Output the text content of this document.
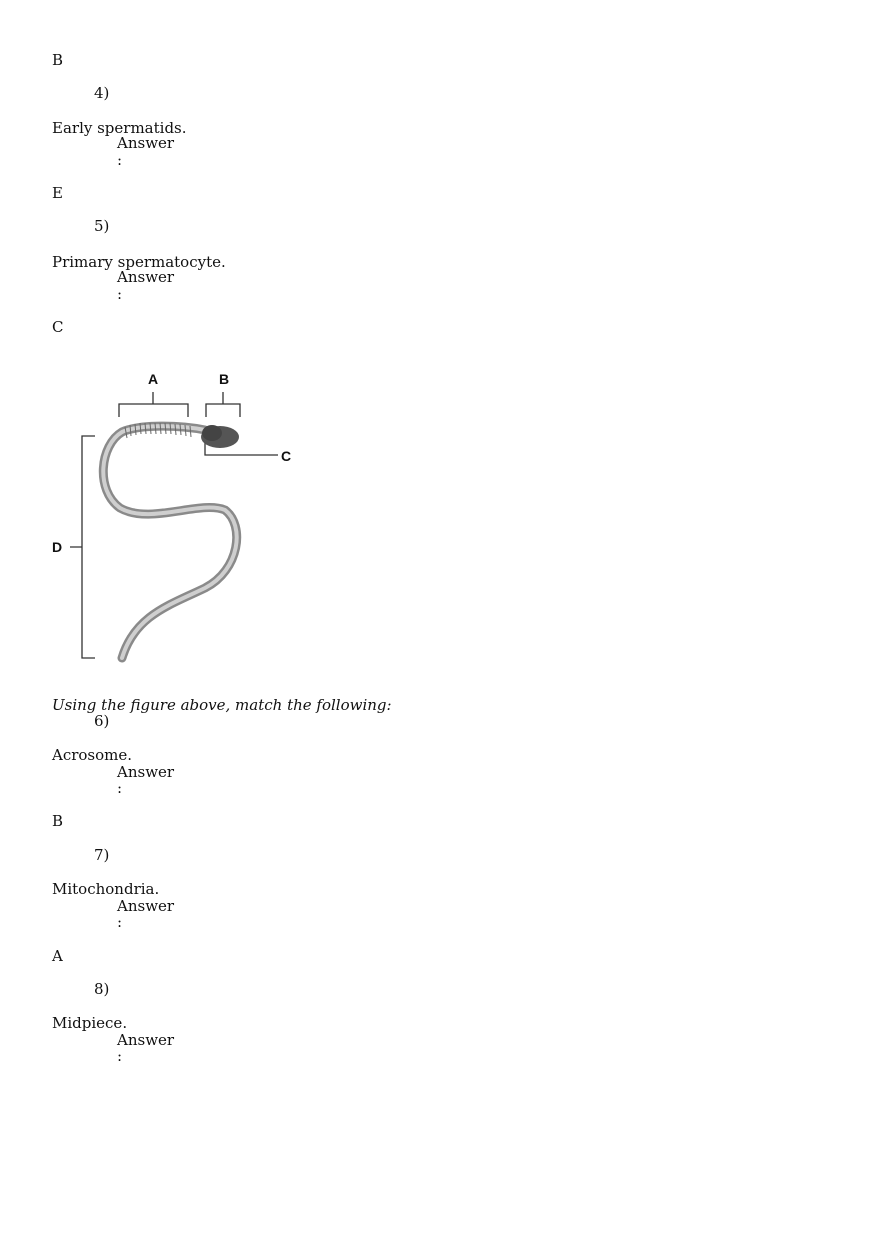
B
4)
Early spermatids.
Answer
:
E
5)
Primary spermatocyte.
Answer
:
C
A	B
C
D
Using the figure above, match the following:
6)
Acrosome.
Answer
:
B
7)
Mitochondria.
Answer
:
A
8)
Midpiece.
Answer
:
